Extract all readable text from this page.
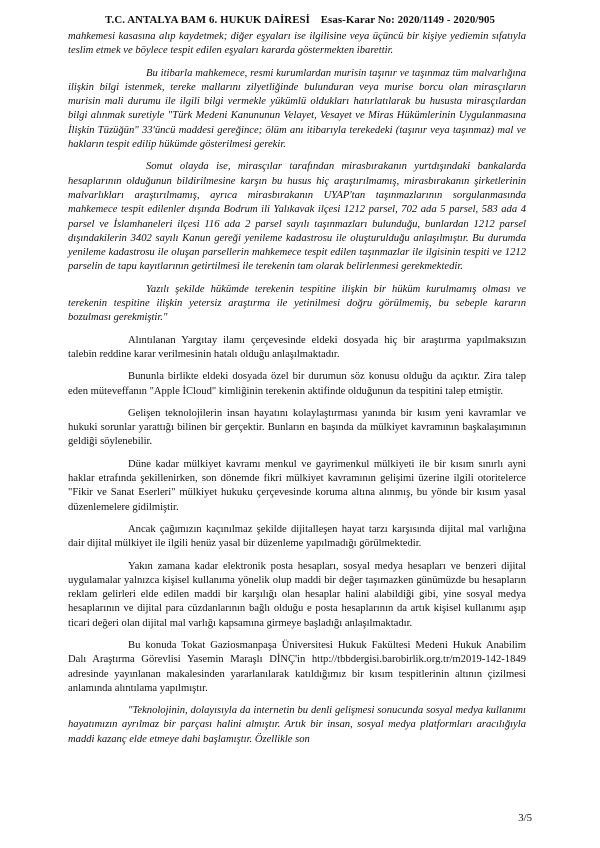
T.C. ANTALYA BAM 6. HUKUK DAİRESİ Esas-Karar No: 2020/1149 - 2020/905

mahkemesi kasasına alıp kaydetmek; diğer eşyaları ise ilgilisine veya üçüncü bir kişiye yediemin sıfatıyla teslim etmek ve böylece tespit edilen eşyaları kararda göstermekten ibarettir.

Bu itibarla mahkemece, resmi kurumlardan murisin taşınır ve taşınmaz tüm malvarlığına ilişkin bilgi istenmek, tereke mallarını zilyetliğinde bulunduran veya murise borcu olan mirasçıların murisin mali durumu ile ilgili bilgi vermekle yükümlü oldukları hatırlatılarak bu hususta mirasçılardan bilgi alınmak suretiyle "Türk Medeni Kanununun Velayet, Vesayet ve Miras Hükümlerinin Uygulanmasına İlişkin Tüzüğün" 33'üncü maddesi gereğince; ölüm anı itibarıyla terekedeki (taşınır veya taşınmaz) mal ve hakların tespit edilip hükümde gösterilmesi gerekir.

Somut olayda ise, mirasçılar tarafından mirasbırakanın yurtdışındaki bankalarda hesaplarının olduğunun bildirilmesine karşın bu husus hiç araştırılmamış, mirasbırakanın şirketlerinin malvarlıkları araştırılmamış, ayrıca mirasbırakanın UYAP'tan taşınmazlarının sorgulanmasında mahkemece tespit edilenler dışında Bodrum ili Yalıkavak ilçesi 1212 parsel, 702 ada 5 parsel, 583 ada 4 parsel ve İslamhaneleri ilçesi 116 ada 2 parsel sayılı taşınmazları bulunduğu, bunlardan 1212 parsel dışındakilerin 3402 sayılı Kanun gereği yenileme kadastrosu ile oluşturulduğu anlaşılmıştır. Bu durumda yenileme kadastrosu ile oluşan parsellerin mahkemece tespit edilen taşınmazlar ile ilgisinin tespiti ve 1212 parselin de tapu kayıtlarının getirtilmesi ile terekenin tam olarak belirlenmesi gerekmektedir.

Yazılı şekilde hükümde terekenin tespitine ilişkin bir hüküm kurulmamış olması ve terekenin tespitine ilişkin yetersiz araştırma ile yetinilmesi doğru görülmemiş, bu sebeple kararın bozulması gerekmiştir."

Alıntılanan Yargıtay ilamı çerçevesinde eldeki dosyada hiç bir araştırma yapılmaksızın talebin reddine karar verilmesinin hatalı olduğu anlaşılmaktadır.

Bununla birlikte eldeki dosyada özel bir durumun söz konusu olduğu da açıktır. Zira talep eden müteveffanın "Apple İCloud" kimliğinin terekenin aktifinde olduğunun da tespitini talep etmiştir.

Gelişen teknolojilerin insan hayatını kolaylaştırması yanında bir kısım yeni kavramlar ve hukuki sorunlar yarattığı bilinen bir gerçektir. Bunların en başında da mülkiyet kavramının başkalaşımının geldiği söylenebilir.

Düne kadar mülkiyet kavramı menkul ve gayrimenkul mülkiyeti ile bir kısım sınırlı ayni haklar etrafında şekillenirken, son dönemde fikri mülkiyet kavramının gelişimi üzerine ilgili otoritelerce "Fikir ve Sanat Eserleri" mülkiyet hukuku çerçevesinde koruma altına alınmış, bu yönde bir kısım yasal düzenlemelere gidilmiştir.

Ancak çağımızın kaçınılmaz şekilde dijitalleşen hayat tarzı karşısında dijital mal varlığına dair dijital mülkiyet ile ilgili henüz yasal bir düzenleme yapılmadığı görülmektedir.

Yakın zamana kadar elektronik posta hesapları, sosyal medya hesapları ve benzeri dijital uygulamalar yalnızca kişisel kullanıma yönelik olup maddi bir değer taşımazken günümüzde bu hesapların reklam gelirleri elde edilen maddi bir karşılığı olan hesaplar halini alabildiği gibi, yine sosyal medya hesaplarının ve dijital para cüzdanlarının bağlı olduğu e posta hesaplarının da artık kişisel kullanımı aşıp ticari değeri olan dijital mal varlığı kapsamına girmeye başladığı anlaşılmaktadır.

Bu konuda Tokat Gaziosmanpaşa Üniversitesi Hukuk Fakültesi Medeni Hukuk Anabilim Dalı Araştırma Görevlisi Yasemin Maraşlı DİNÇ'in http://tbbdergisi.barobirlik.org.tr/m2019-142-1849 adresinde yayınlanan makalesinden yararlanılarak katıldığımız bir kısım tespitlerinin altının çizilmesi anlamında alıntılama yapılmıştır.

"Teknolojinin, dolayısıyla da internetin bu denli gelişmesi sonucunda sosyal medya kullanımı hayatımızın ayrılmaz bir parçası halini almıştır. Artık bir insan, sosyal medya platformları aracılığıyla maddi kazanç elde etmeye dahi başlamıştır. Özellikle son

3/5
